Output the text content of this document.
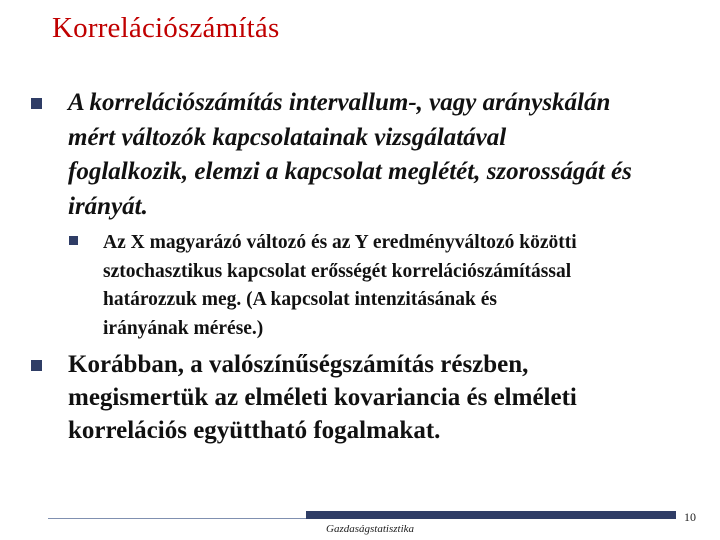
Korrelációszámítás
A korrelációszámítás intervallum-, vagy arányskálán
mért változók kapcsolatainak vizsgálatával
foglalkozik, elemzi a kapcsolat meglétét, szorosságát és
irányát.
Az X magyarázó változó és az Y eredményváltozó közötti
sztochasztikus kapcsolat erősségét korrelációszámítással
határozzuk meg. (A kapcsolat intenzitásának és
irányának mérése.)
Korábban, a valószínűségszámítás részben,
megismertük az elméleti kovariancia és elméleti
korrelációs együttható fogalmakat.
10
Gazdaságstatisztika
